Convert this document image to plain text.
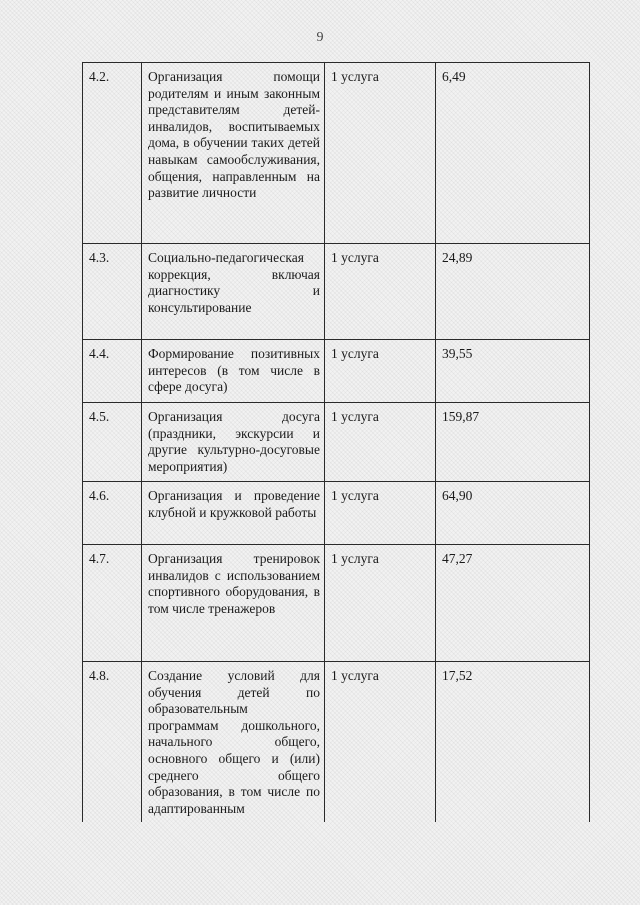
9
4.2.	Организация помощи родителям и иным законным представителям детей-инвалидов, воспитываемых дома, в обучении таких детей навыкам самообслуживания, общения, направленным на развитие личности	1 услуга	6,49
4.3.	Социально-педагогическая коррекция, включая диагностику и консультирование	1 услуга	24,89
4.4.	Формирование позитивных интересов (в том числе в сфере досуга)	1 услуга	39,55
4.5.	Организация досуга (праздники, экскурсии и другие культурно-досуговые мероприятия)	1 услуга	159,87
4.6.	Организация и проведение клубной и кружковой работы	1 услуга	64,90
4.7.	Организация тренировок инвалидов с использованием спортивного оборудования, в том числе тренажеров	1 услуга	47,27
4.8.	Создание условий для обучения детей по образовательным программам дошкольного, начального общего, основного общего и (или) среднего общего образования, в том числе по адаптированным	1 услуга	17,52
